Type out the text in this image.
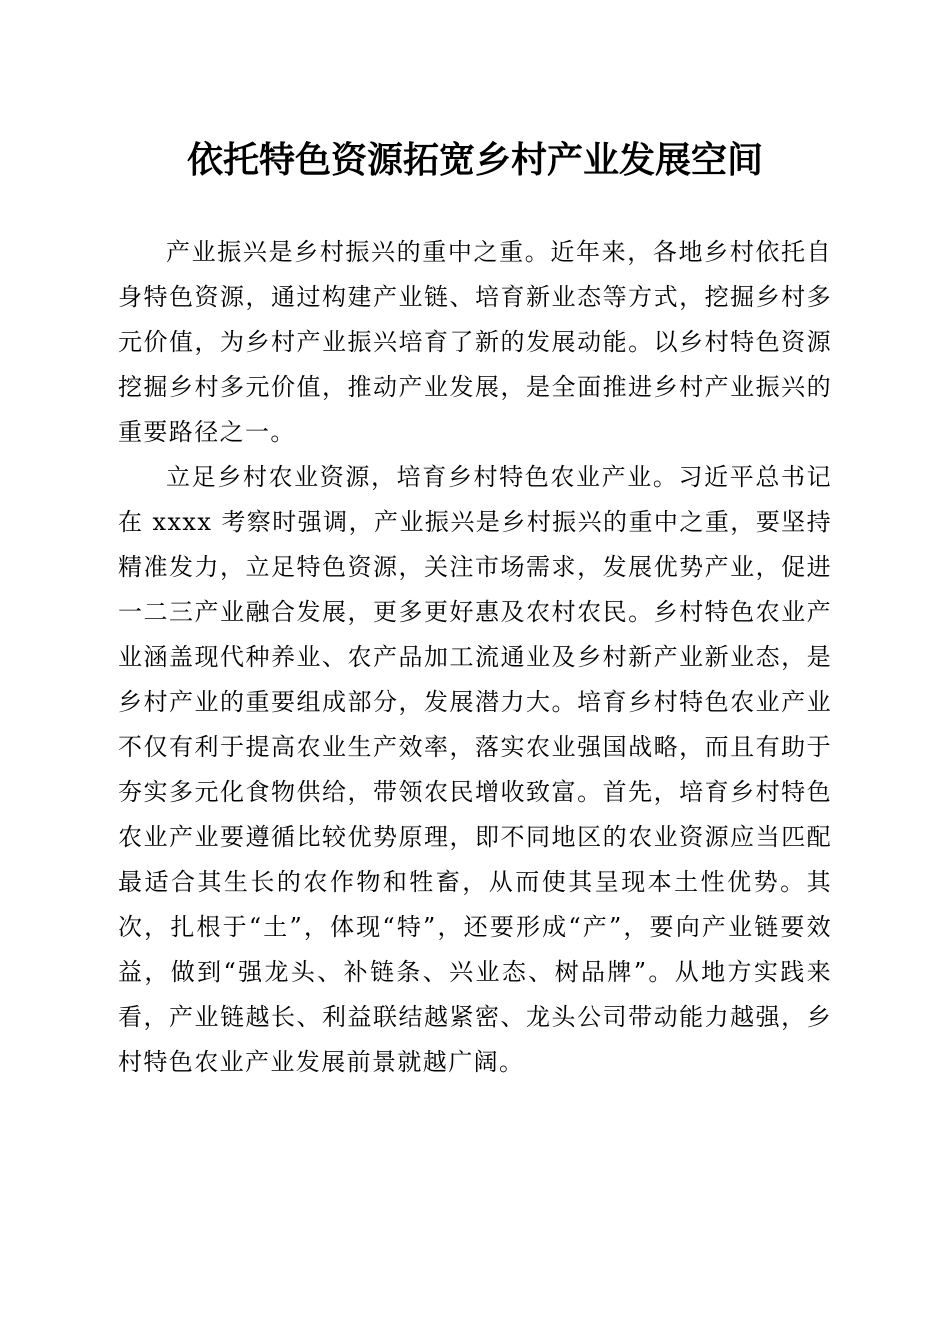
依托特色资源拓宽乡村产业发展空间

产业振兴是乡村振兴的重中之重。近年来，各地乡村依托自身特色资源，通过构建产业链、培育新业态等方式，挖掘乡村多元价值，为乡村产业振兴培育了新的发展动能。以乡村特色资源挖掘乡村多元价值，推动产业发展，是全面推进乡村产业振兴的重要路径之一。

立足乡村农业资源，培育乡村特色农业产业。习近平总书记在 xxxx 考察时强调，产业振兴是乡村振兴的重中之重，要坚持精准发力，立足特色资源，关注市场需求，发展优势产业，促进一二三产业融合发展，更多更好惠及农村农民。乡村特色农业产业涵盖现代种养业、农产品加工流通业及乡村新产业新业态，是乡村产业的重要组成部分，发展潜力大。培育乡村特色农业产业不仅有利于提高农业生产效率，落实农业强国战略，而且有助于夯实多元化食物供给，带领农民增收致富。首先，培育乡村特色农业产业要遵循比较优势原理，即不同地区的农业资源应当匹配最适合其生长的农作物和牲畜，从而使其呈现本土性优势。其次，扎根于“土”，体现“特”，还要形成“产”，要向产业链要效益，做到“强龙头、补链条、兴业态、树品牌”。从地方实践来看，产业链越长、利益联结越紧密、龙头公司带动能力越强，乡村特色农业产业发展前景就越广阔。
